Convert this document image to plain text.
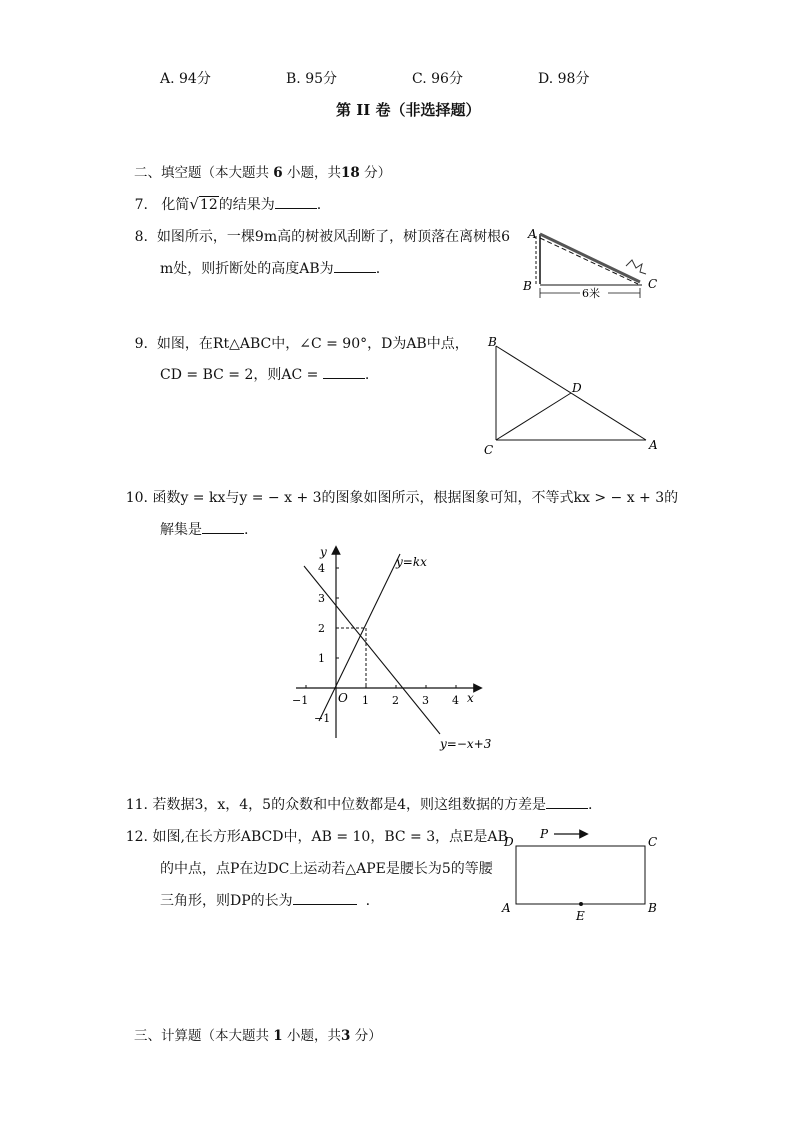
A. 94分	B. 95分	C. 96分	D. 98分
第 II 卷（非选择题）
二、填空题（本大题共 6 小题，共18 分）
7. 化简√12的结果为	.
8. 如图所示，一棵9m高的树被风刮断了，树顶落在离树根6
m处，则折断处的高度AB为	.
A
B	C
6米
9. 如图，在Rt△ABC中，∠C = 90°，D为AB中点，
CD = BC = 2，则AC =	.
B
C	A
D
10. 函数y = kx与y = − x + 3的图象如图所示，根据图象可知，不等式kx > − x + 3的
解集是	.
y
x
O
y=kx
y=−x+3
−1	1 2 3 4
4
3
2
1
−1
11. 若数据3，x，4，5的众数和中位数都是4，则这组数据的方差是	.
12. 如图,在长方形ABCD中，AB = 10，BC = 3，点E是AB
的中点，点P在边DC上运动若△APE是腰长为5的等腰
三角形，则DP的长为	.
D	C
A	B
E
P
三、计算题（本大题共 1 小题，共3 分）
